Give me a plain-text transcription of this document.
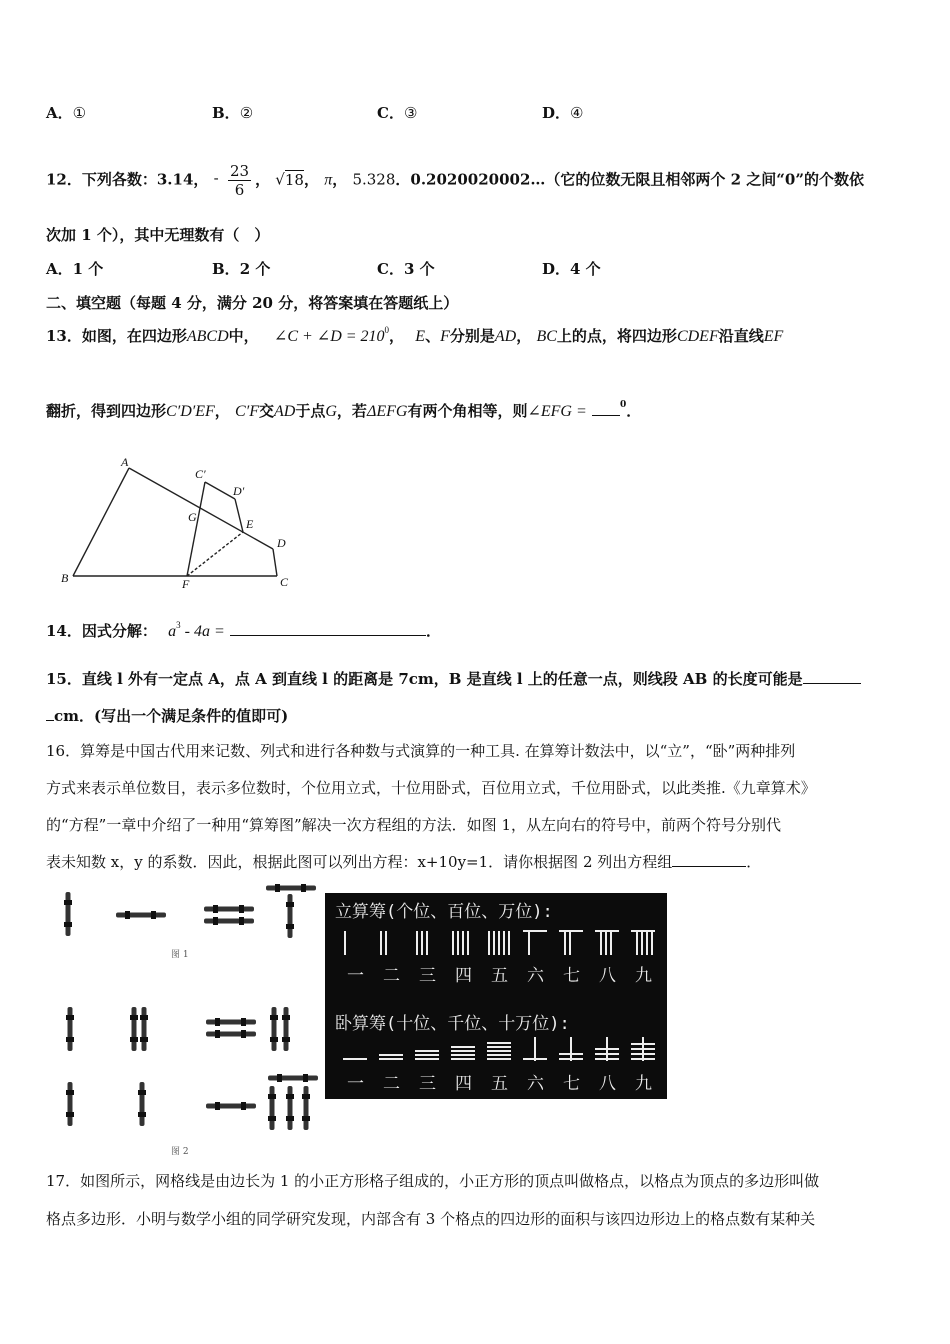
A．①	B．②	C．③	D．④
12．下列各数：3.14， - $\frac{23}{6}$ ， √18， π， 5.328．0.2020020002…（它的位数无限且相邻两个 2 之间“0”的个数依
次加 1 个），其中无理数有（　）
A．1 个	B．2 个	C．3 个	D．4 个
二、填空题（每题 4 分，满分 20 分，将答案填在答题纸上）
13．如图，在四边形ABCD中， ∠C + ∠D = $210^0$， E、F分别是AD， BC上的点，将四边形CDEF沿直线EF
翻折，得到四边形C′D′EF， C′F交AD于点G，若ΔEFG有两个角相等，则∠EFG =	$^0$．
A
B	C
D
C′
D′
E
F
G
14．因式分解： $a^3 - 4a$ =	．
15．直线 l 外有一定点 A，点 A 到直线 l 的距离是 7cm，B 是直线 l 上的任意一点，则线段 AB 的长度可能是
cm．(写出一个满足条件的值即可)
16．算筹是中国古代用来记数、列式和进行各种数与式演算的一种工具. 在算筹计数法中，以“立”，“卧”两种排列
方式来表示单位数目，表示多位数时，个位用立式，十位用卧式，百位用立式，千位用卧式，以此类推.《九章算术》
的“方程”一章中介绍了一种用“算筹图”解决一次方程组的方法．如图 1，从左向右的符号中，前两个符号分别代
表未知数 x，y 的系数．因此，根据此图可以列出方程：x+10y=1．请你根据图 2 列出方程组	．
图 1
图 2
立算筹(个位、百位、万位):
一 二 三 四 五 六 七 八 九
卧算筹(十位、千位、十万位):
一 二 三 四 五 六 七 八 九
17．如图所示，网格线是由边长为 1 的小正方形格子组成的，小正方形的顶点叫做格点，以格点为顶点的多边形叫做
格点多边形．小明与数学小组的同学研究发现，内部含有 3 个格点的四边形的面积与该四边形边上的格点数有某种关
